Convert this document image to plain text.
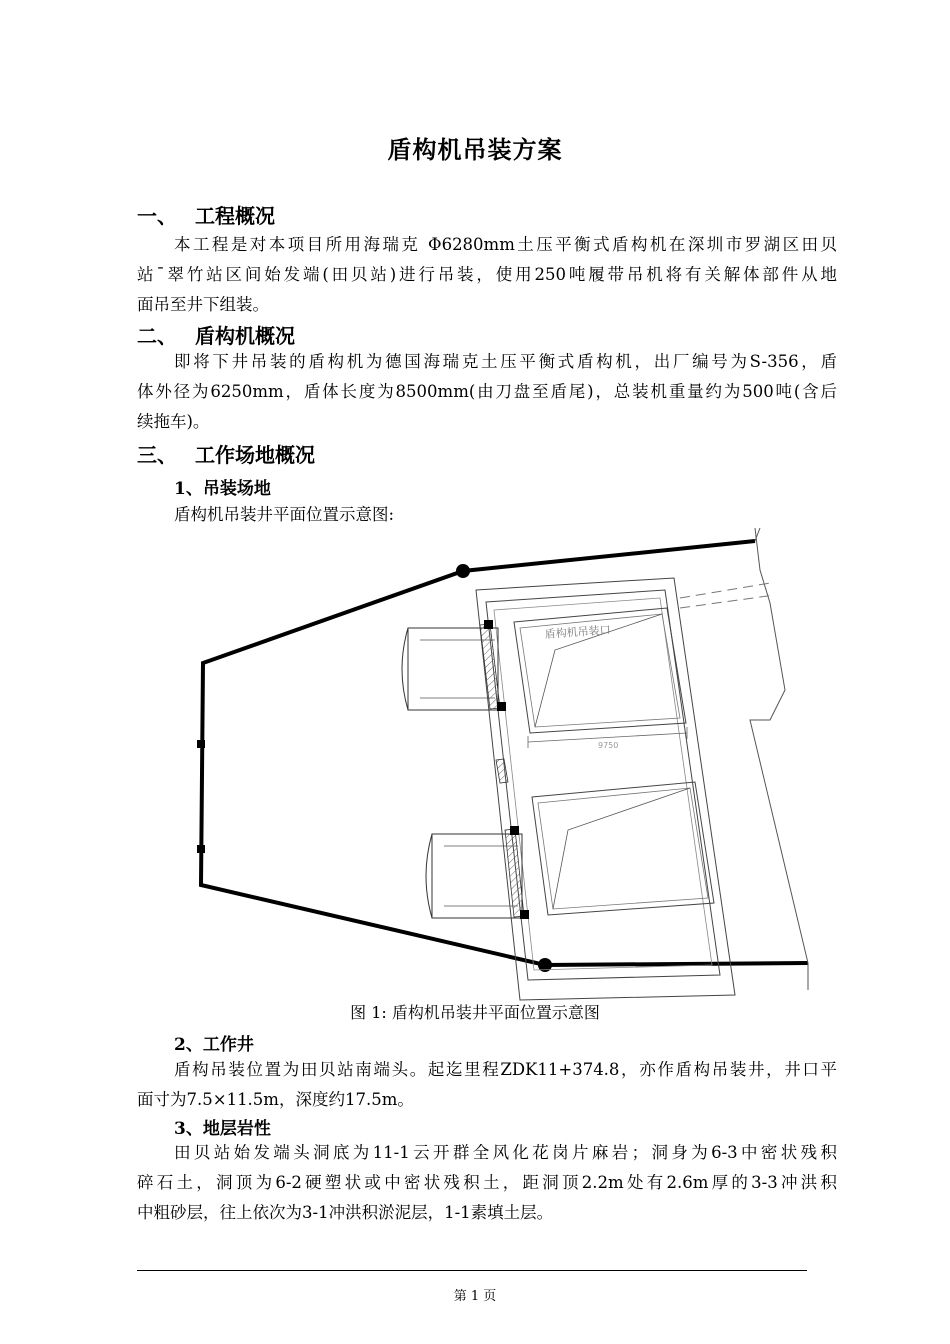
盾构机吊装方案
一、 工程概况
本工程是对本项目所用海瑞克 Φ6280mm土压平衡式盾构机在深圳市罗湖区田贝
站¯翠竹站区间始发端(田贝站)进行吊装，使用250吨履带吊机将有关解体部件从地
面吊至井下组装。
二、 盾构机概况
即将下井吊装的盾构机为德国海瑞克土压平衡式盾构机，出厂编号为S-356，盾
体外径为6250mm，盾体长度为8500mm(由刀盘至盾尾)，总装机重量约为500吨(含后
续拖车)。
三、 工作场地概况
1、吊装场地
盾构机吊装井平面位置示意图:
盾构机吊装口
9750
图 1: 盾构机吊装井平面位置示意图
2、工作井
盾构吊装位置为田贝站南端头。起迄里程ZDK11+374.8，亦作盾构吊装井，井口平
面寸为7.5×11.5m，深度约17.5m。
3、地层岩性
田贝站始发端头洞底为11-1云开群全风化花岗片麻岩；洞身为6-3中密状残积
碎石土，洞顶为6-2硬塑状或中密状残积土，距洞顶2.2m处有2.6m厚的3-3冲洪积
中粗砂层，往上依次为3-1冲洪积淤泥层，1-1素填土层。
第 1 页
